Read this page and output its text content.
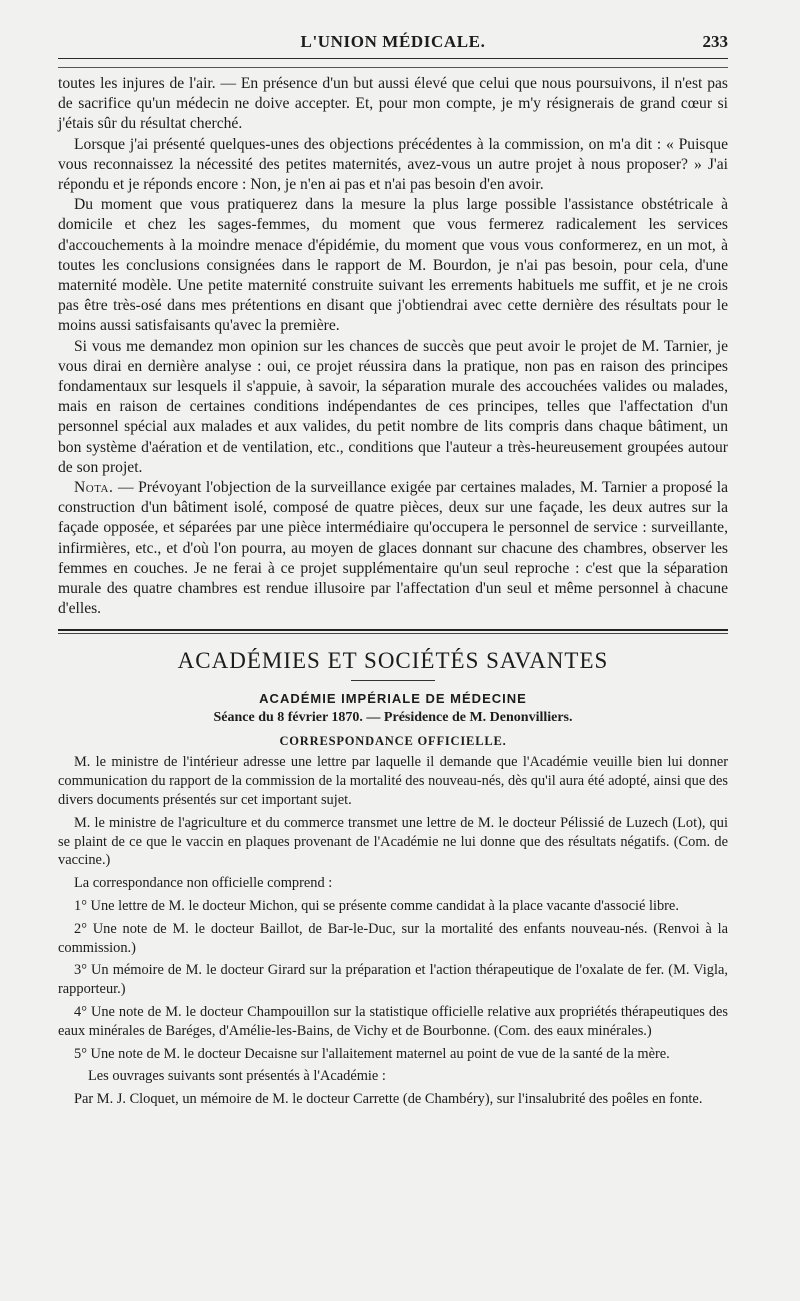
L'UNION MÉDICALE.	233

toutes les injures de l'air. — En présence d'un but aussi élevé que celui que nous poursuivons, il n'est pas de sacrifice qu'un médecin ne doive accepter. Et, pour mon compte, je m'y résignerais de grand cœur si j'étais sûr du résultat cherché.

Lorsque j'ai présenté quelques-unes des objections précédentes à la commission, on m'a dit : « Puisque vous reconnaissez la nécessité des petites maternités, avez-vous un autre projet à nous proposer? » J'ai répondu et je réponds encore : Non, je n'en ai pas et n'ai pas besoin d'en avoir.

Du moment que vous pratiquerez dans la mesure la plus large possible l'assistance obstétricale à domicile et chez les sages-femmes, du moment que vous fermerez radicalement les services d'accouchements à la moindre menace d'épidémie, du moment que vous vous conformerez, en un mot, à toutes les conclusions consignées dans le rapport de M. Bourdon, je n'ai pas besoin, pour cela, d'une maternité modèle. Une petite maternité construite suivant les errements habituels me suffit, et je ne crois pas être très-osé dans mes prétentions en disant que j'obtiendrai avec cette dernière des résultats pour le moins aussi satisfaisants qu'avec la première.

Si vous me demandez mon opinion sur les chances de succès que peut avoir le projet de M. Tarnier, je vous dirai en dernière analyse : oui, ce projet réussira dans la pratique, non pas en raison des principes fondamentaux sur lesquels il s'appuie, à savoir, la séparation murale des accouchées valides ou malades, mais en raison de certaines conditions indépendantes de ces principes, telles que l'affectation d'un personnel spécial aux malades et aux valides, du petit nombre de lits compris dans chaque bâtiment, un bon système d'aération et de ventilation, etc., conditions que l'auteur a très-heureusement groupées autour de son projet.

Nota. — Prévoyant l'objection de la surveillance exigée par certaines malades, M. Tarnier a proposé la construction d'un bâtiment isolé, composé de quatre pièces, deux sur une façade, les deux autres sur la façade opposée, et séparées par une pièce intermédiaire qu'occupera le personnel de service : surveillante, infirmières, etc., et d'où l'on pourra, au moyen de glaces donnant sur chacune des chambres, observer les femmes en couches. Je ne ferai à ce projet supplémentaire qu'un seul reproche : c'est que la séparation murale des quatre chambres est rendue illusoire par l'affectation d'un seul et même personnel à chacune d'elles.

ACADÉMIES ET SOCIÉTÉS SAVANTES
ACADÉMIE IMPÉRIALE DE MÉDECINE
Séance du 8 février 1870. — Présidence de M. Denonvilliers.
CORRESPONDANCE OFFICIELLE.

M. le ministre de l'intérieur adresse une lettre par laquelle il demande que l'Académie veuille bien lui donner communication du rapport de la commission de la mortalité des nouveau-nés, dès qu'il aura été adopté, ainsi que des divers documents présentés sur cet important sujet.

M. le ministre de l'agriculture et du commerce transmet une lettre de M. le docteur Pélissié de Luzech (Lot), qui se plaint de ce que le vaccin en plaques provenant de l'Académie ne lui donne que des résultats négatifs. (Com. de vaccine.)

La correspondance non officielle comprend :

1° Une lettre de M. le docteur Michon, qui se présente comme candidat à la place vacante d'associé libre.

2° Une note de M. le docteur Baillot, de Bar-le-Duc, sur la mortalité des enfants nouveau-nés. (Renvoi à la commission.)

3° Un mémoire de M. le docteur Girard sur la préparation et l'action thérapeutique de l'oxalate de fer. (M. Vigla, rapporteur.)

4° Une note de M. le docteur Champouillon sur la statistique officielle relative aux propriétés thérapeutiques des eaux minérales de Baréges, d'Amélie-les-Bains, de Vichy et de Bourbonne. (Com. des eaux minérales.)

5° Une note de M. le docteur Decaisne sur l'allaitement maternel au point de vue de la santé de la mère.

Les ouvrages suivants sont présentés à l'Académie :

Par M. J. Cloquet, un mémoire de M. le docteur Carrette (de Chambéry), sur l'insalubrité des poêles en fonte.
